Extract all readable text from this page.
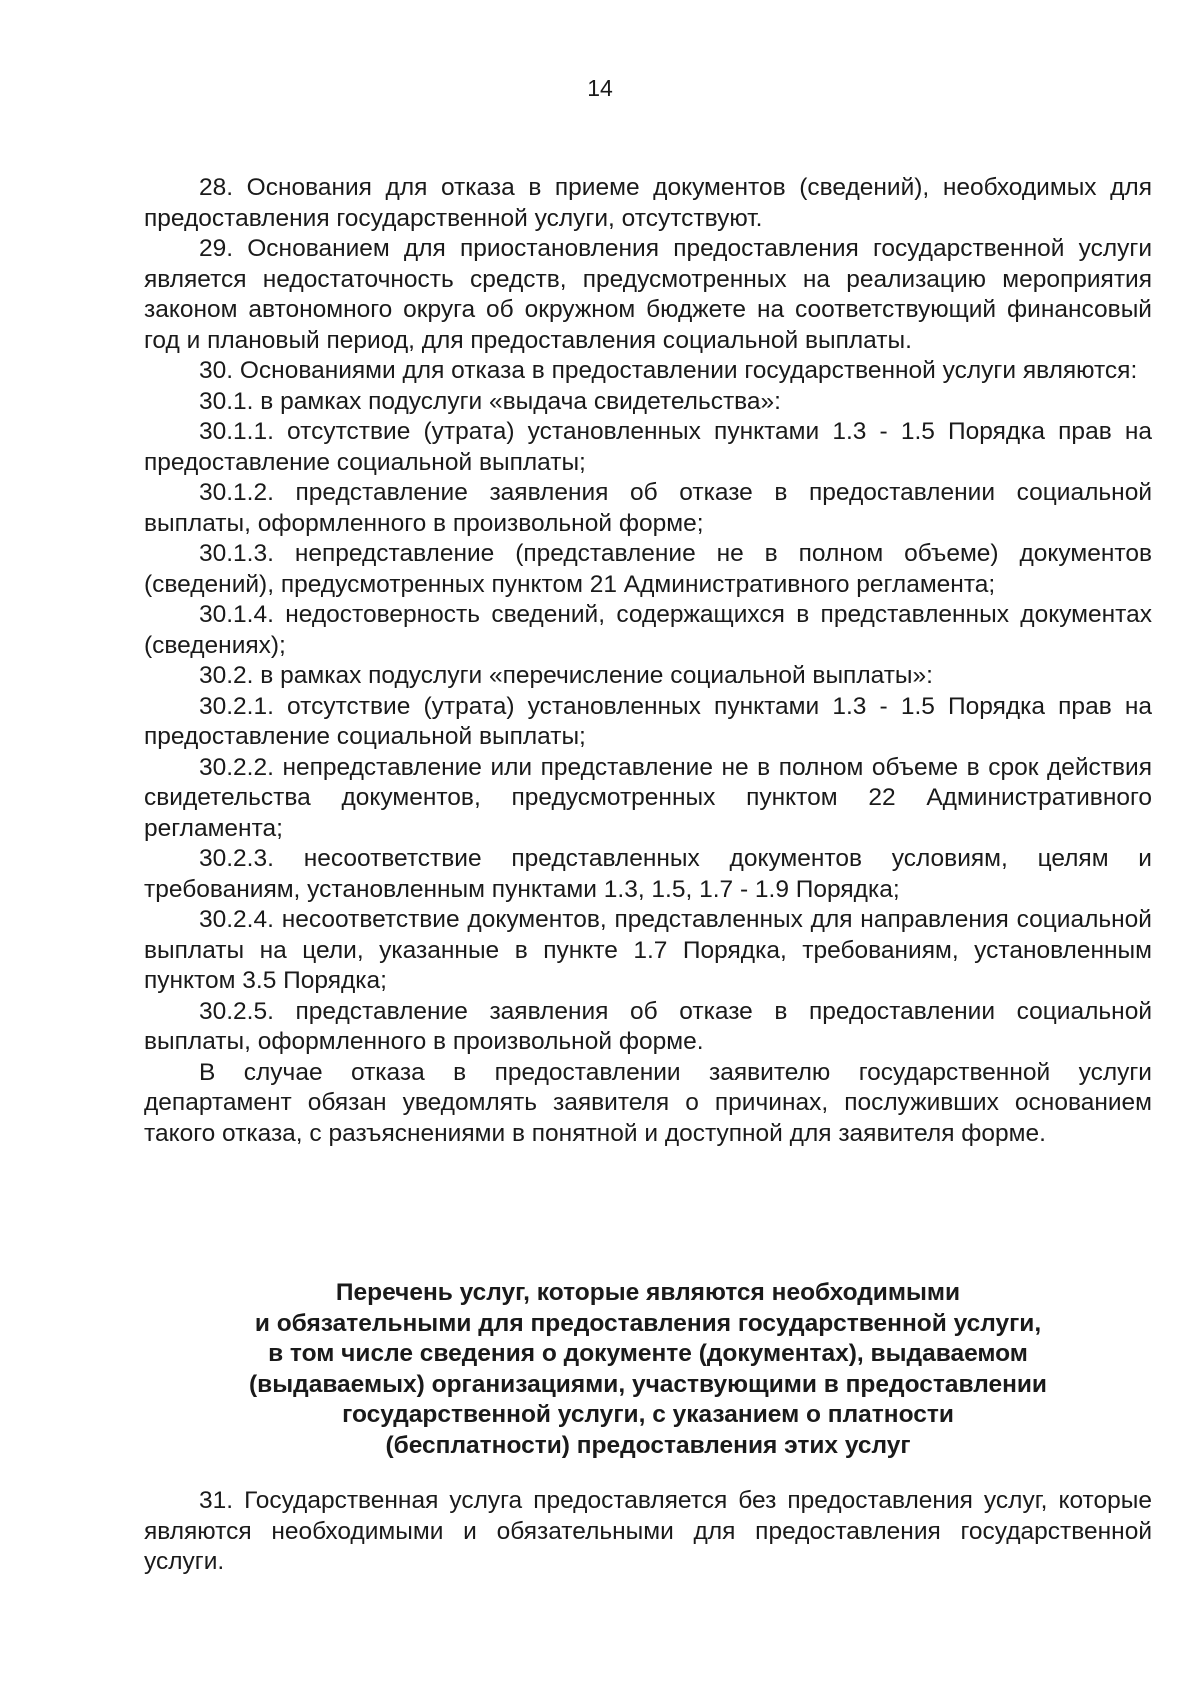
14

28. Основания для отказа в приеме документов (сведений), необходимых для предоставления государственной услуги, отсутствуют.

29. Основанием для приостановления предоставления государственной услуги является недостаточность средств, предусмотренных на реализацию мероприятия законом автономного округа об окружном бюджете на соответствующий финансовый год и плановый период, для предоставления социальной выплаты.

30. Основаниями для отказа в предоставлении государственной услуги являются:

30.1. в рамках подуслуги «выдача свидетельства»:

30.1.1. отсутствие (утрата) установленных пунктами 1.3 - 1.5 Порядка прав на предоставление социальной выплаты;

30.1.2. представление заявления об отказе в предоставлении социальной выплаты, оформленного в произвольной форме;

30.1.3. непредставление (представление не в полном объеме) документов (сведений), предусмотренных пунктом 21 Административного регламента;

30.1.4. недостоверность сведений, содержащихся в представленных документах (сведениях);

30.2. в рамках подуслуги «перечисление социальной выплаты»:

30.2.1. отсутствие (утрата) установленных пунктами 1.3 - 1.5 Порядка прав на предоставление социальной выплаты;

30.2.2. непредставление или представление не в полном объеме в срок действия свидетельства документов, предусмотренных пунктом 22 Административного регламента;

30.2.3. несоответствие представленных документов условиям, целям и требованиям, установленным пунктами 1.3, 1.5, 1.7 - 1.9 Порядка;

30.2.4. несоответствие документов, представленных для направления социальной выплаты на цели, указанные в пункте 1.7 Порядка, требованиям, установленным пунктом 3.5 Порядка;

30.2.5. представление заявления об отказе в предоставлении социальной выплаты, оформленного в произвольной форме.

В случае отказа в предоставлении заявителю государственной услуги департамент обязан уведомлять заявителя о причинах, послуживших основанием такого отказа, с разъяснениями в понятной и доступной для заявителя форме.

Перечень услуг, которые являются необходимыми
и обязательными для предоставления государственной услуги,
в том числе сведения о документе (документах), выдаваемом
(выдаваемых) организациями, участвующими в предоставлении
государственной услуги, с указанием о платности
(бесплатности) предоставления этих услуг

31. Государственная услуга предоставляется без предоставления услуг, которые являются необходимыми и обязательными для предоставления государственной услуги.
